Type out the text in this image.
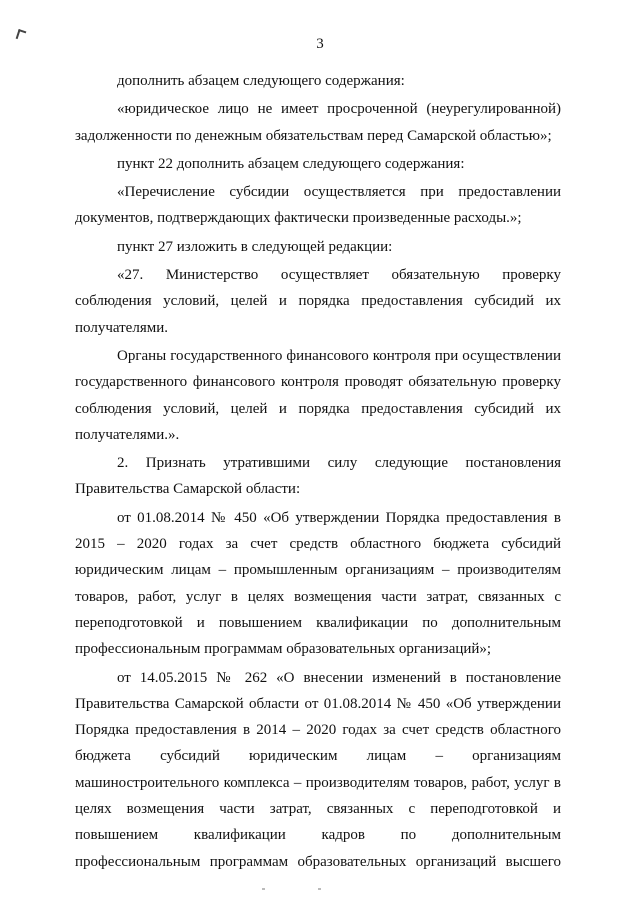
3

дополнить абзацем следующего содержания:

«юридическое лицо не имеет просроченной (неурегулированной)

задолженности по денежным обязательствам перед Самарской областью»;

пункт 22 дополнить абзацем следующего содержания:

«Перечисление субсидии осуществляется при предоставлении

документов, подтверждающих фактически произведенные расходы.»;

пункт 27 изложить в следующей редакции:

«27. Министерство осуществляет обязательную проверку

соблюдения условий, целей и порядка предоставления субсидий их

получателями.

Органы государственного финансового контроля при осуществлении

государственного финансового контроля проводят обязательную проверку

соблюдения условий, целей и порядка предоставления субсидий их

получателями.».

2. Признать утратившими силу следующие постановления

Правительства Самарской области:

от 01.08.2014 № 450 «Об утверждении Порядка предоставления в

2015 – 2020 годах за счет средств областного бюджета субсидий

юридическим лицам – промышленным организациям – производителям

товаров, работ, услуг в целях возмещения части затрат, связанных с

переподготовкой и повышением квалификации по дополнительным

профессиональным программам образовательных организаций»;

от 14.05.2015 № 262 «О внесении изменений в постановление

Правительства Самарской области от 01.08.2014 № 450 «Об утверждении

Порядка предоставления в 2014 – 2020 годах за счет средств областного

бюджета субсидий юридическим лицам – организациям

машиностроительного комплекса – производителям товаров, работ, услуг в

целях возмещения части затрат, связанных с переподготовкой и

повышением квалификации кадров по дополнительным

профессиональным программам образовательных организаций высшего
